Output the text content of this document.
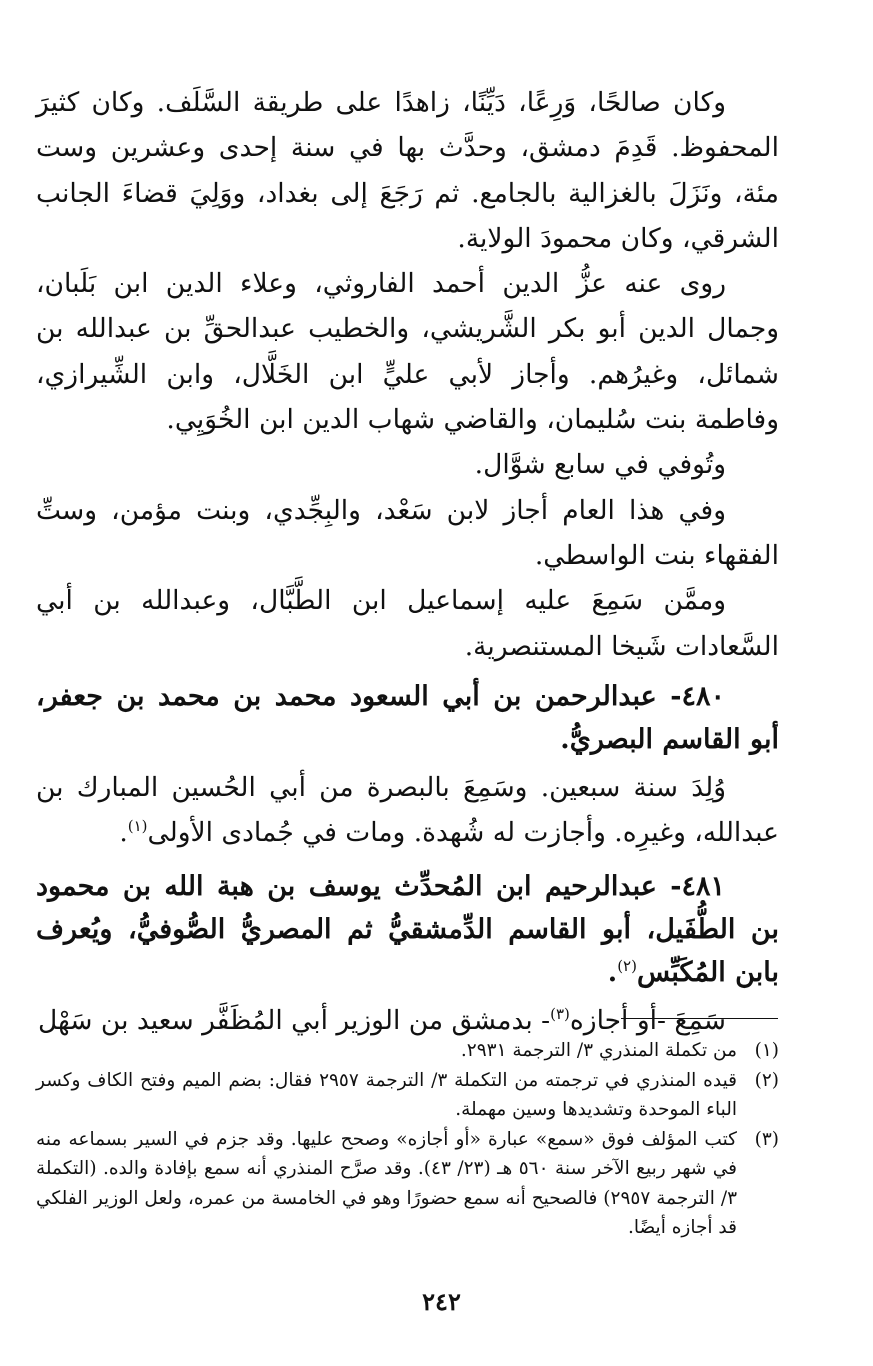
وكان صالحًا، وَرِعًا، دَيِّنًا، زاهدًا على طريقة السَّلَف. وكان كثيرَ المحفوظ. قَدِمَ دمشق، وحدَّث بها في سنة إحدى وعشرين وست مئة، ونَزَلَ بالغزالية بالجامع. ثم رَجَعَ إلى بغداد، ووَلِيَ قضاءَ الجانب الشرقي، وكان محمودَ الولاية.

روى عنه عزُّ الدين أحمد الفاروثي، وعلاء الدين ابن بَلَبان، وجمال الدين أبو بكر الشَّريشي، والخطيب عبدالحقِّ بن عبدالله بن شمائل، وغيرُهم. وأجاز لأبي عليٍّ ابن الخَلَّال، وابن الشِّيرازي، وفاطمة بنت سُليمان، والقاضي شهاب الدين ابن الخُوَيِي.

وتُوفي في سابع شوَّال.

وفي هذا العام أجاز لابن سَعْد، والبِجِّدي، وبنت مؤمن، وستِّ الفقهاء بنت الواسطي.

وممَّن سَمِعَ عليه إسماعيل ابن الطَّبَّال، وعبدالله بن أبي السَّعادات شَيخا المستنصرية.

٤٨٠- عبدالرحمن بن أبي السعود محمد بن محمد بن جعفر، أبو القاسم البصريُّ.

وُلِدَ سنة سبعين. وسَمِعَ بالبصرة من أبي الحُسين المبارك بن عبدالله، وغيرِه. وأجازت له شُهدة. ومات في جُمادى الأولى$^{(١)}$.

٤٨١- عبدالرحيم ابن المُحدِّث يوسف بن هبة الله بن محمود بن الطُّفَيل، أبو القاسم الدِّمشقيُّ ثم المصريُّ الصُّوفيُّ، ويُعرف بابن المُكَبِّس$^{(٢)}$.

سَمِعَ -أو أجازه$^{(٣)}$- بدمشق من الوزير أبي المُظَفَّر سعيد بن سَهْل

(١)
من تكملة المنذري ٣/ الترجمة ٢٩٣١.
(٢)
قيده المنذري في ترجمته من التكملة ٣/ الترجمة ٢٩٥٧ فقال: بضم الميم وفتح الكاف وكسر الباء الموحدة وتشديدها وسين مهملة.
(٣)
كتب المؤلف فوق «سمع» عبارة «أو أجازه» وصحح عليها. وقد جزم في السير بسماعه منه في شهر ربيع الآخر سنة ٥٦٠ هـ (٢٣/ ٤٣). وقد صرَّح المنذري أنه سمع بإفادة والده. (التكملة ٣/ الترجمة ٢٩٥٧) فالصحيح أنه سمع حضورًا وهو في الخامسة من عمره، ولعل الوزير الفلكي قد أجازه أيضًا.
٢٤٢
